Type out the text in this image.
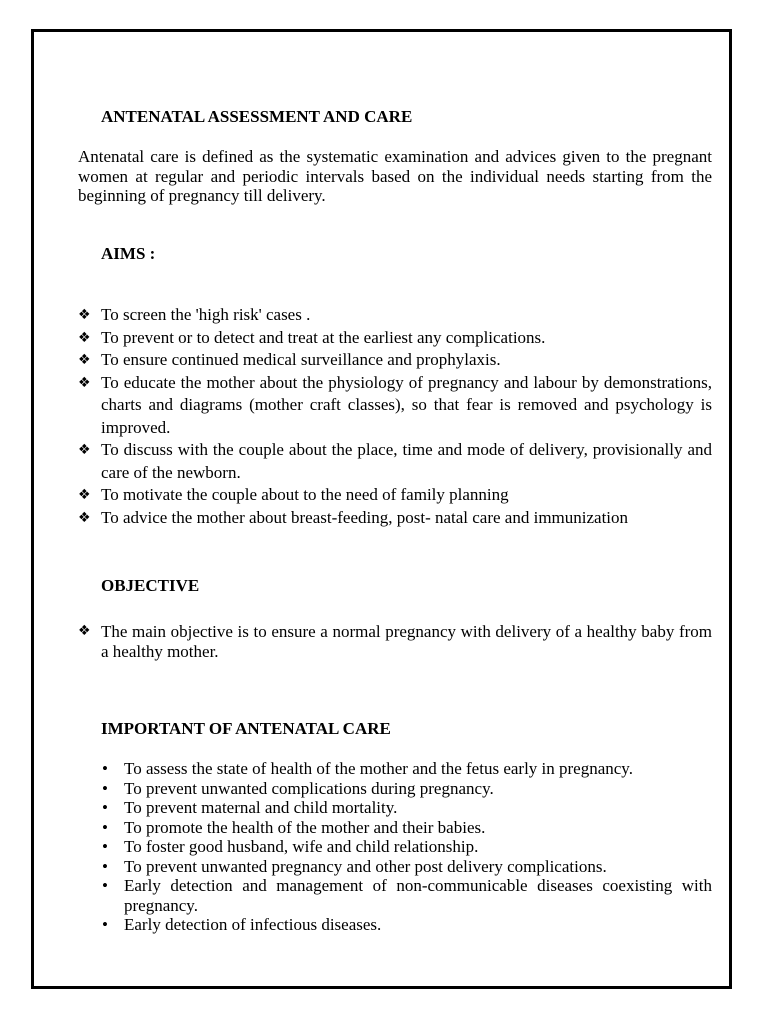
ANTENATAL ASSESSMENT AND CARE

Antenatal care is defined as the systematic examination and advices given to the pregnant women at regular and periodic intervals based on the individual needs starting from the beginning of pregnancy till delivery.

AIMS :
❖ To screen the 'high risk' cases .
❖ To prevent or to detect and treat at the earliest any complications.
❖ To ensure continued medical surveillance and prophylaxis.
❖ To educate the mother about the physiology of pregnancy and labour by demonstrations, charts and diagrams (mother craft classes), so that fear is removed and psychology is improved.
❖ To discuss with the couple about the place, time and mode of delivery, provisionally and care of the newborn.
❖ To motivate the couple about to the need of family planning
❖ To advice the mother about breast-feeding, post- natal care and immunization
OBJECTIVE
❖ The main objective is to ensure a normal pregnancy with delivery of a healthy baby from a healthy mother.
IMPORTANT OF ANTENATAL CARE
• To assess the state of health of the mother and the fetus early in pregnancy.
• To prevent unwanted complications during pregnancy.
• To prevent maternal and child mortality.
• To promote the health of the mother and their babies.
• To foster good husband, wife and child relationship.
• To prevent unwanted pregnancy and other post delivery complications.
• Early detection and management of non-communicable diseases coexisting with pregnancy.
• Early detection of infectious diseases.
